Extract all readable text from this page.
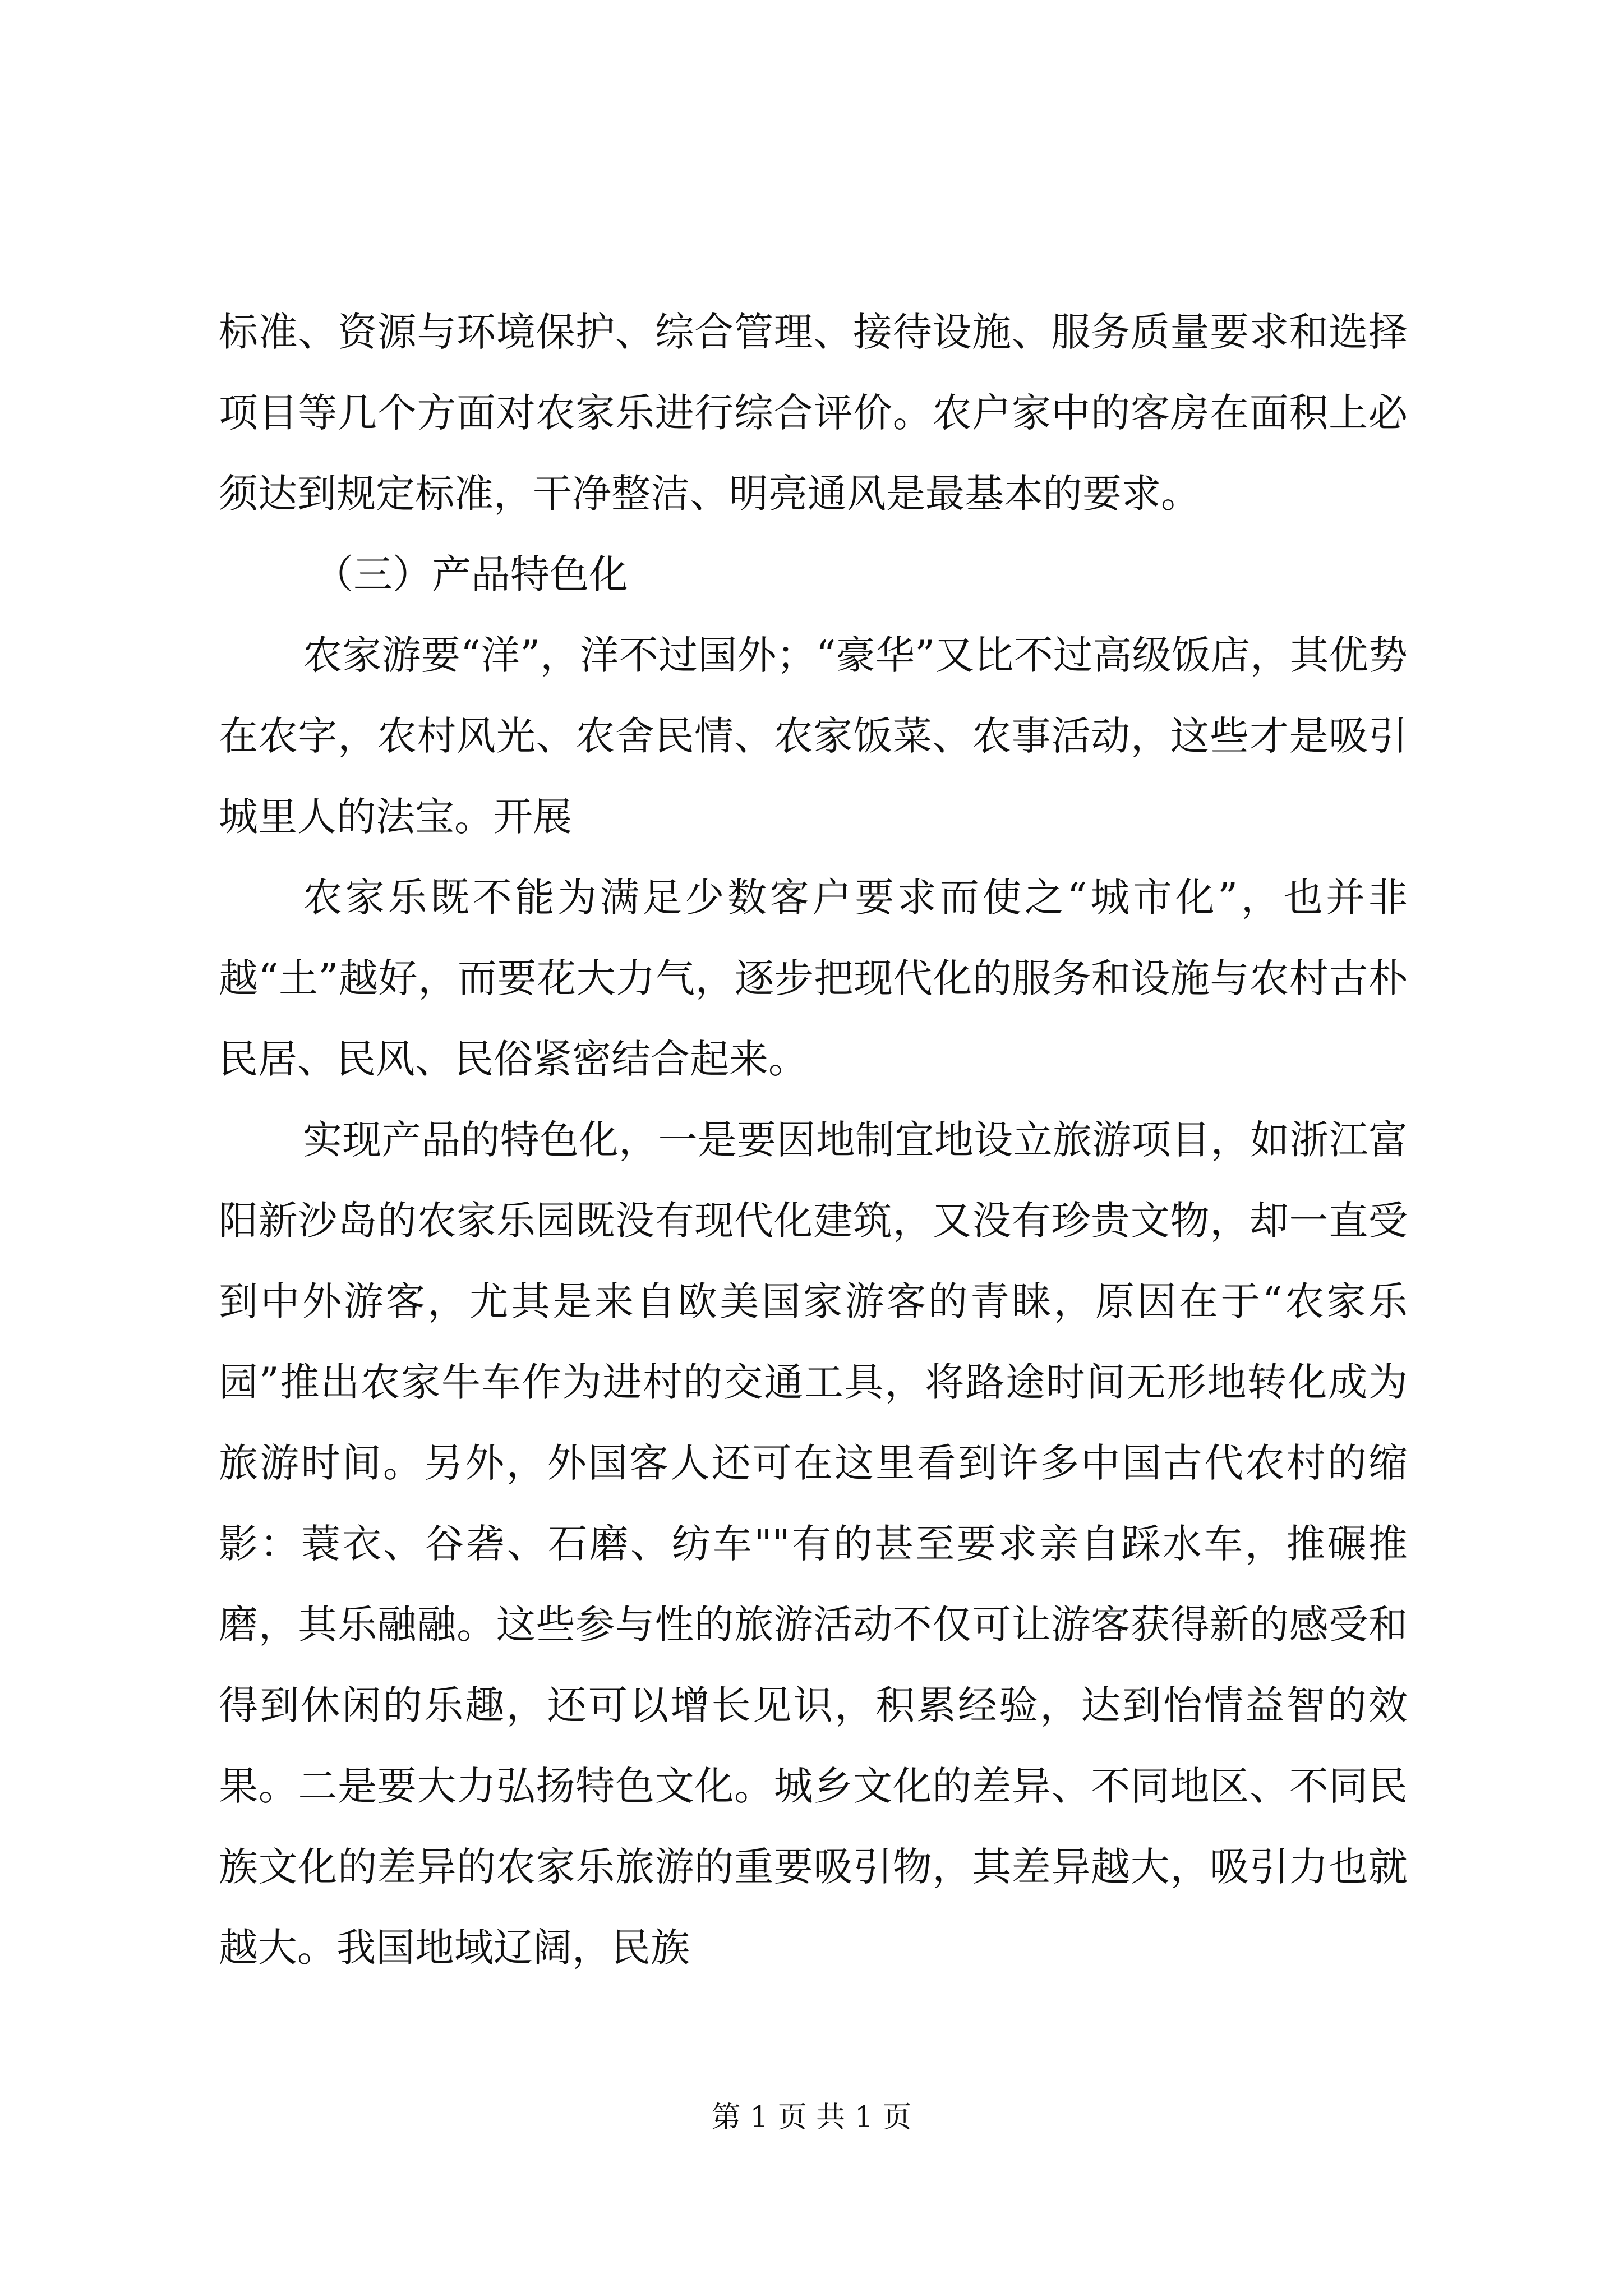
标准、资源与环境保护、综合管理、接待设施、服务质量要求和选择项目等几个方面对农家乐进行综合评价。农户家中的客房在面积上必须达到规定标准，干净整洁、明亮通风是最基本的要求。

（三）产品特色化

农家游要“洋”，洋不过国外；“豪华”又比不过高级饭店，其优势在农字，农村风光、农舍民情、农家饭菜、农事活动，这些才是吸引城里人的法宝。开展

农家乐既不能为满足少数客户要求而使之“城市化”，也并非越“土”越好，而要花大力气，逐步把现代化的服务和设施与农村古朴民居、民风、民俗紧密结合起来。

实现产品的特色化，一是要因地制宜地设立旅游项目，如浙江富阳新沙岛的农家乐园既没有现代化建筑，又没有珍贵文物，却一直受到中外游客，尤其是来自欧美国家游客的青睐，原因在于“农家乐园”推出农家牛车作为进村的交通工具，将路途时间无形地转化成为旅游时间。另外，外国客人还可在这里看到许多中国古代农村的缩影：蓑衣、谷砻、石磨、纺车""有的甚至要求亲自踩水车，推碾推磨，其乐融融。这些参与性的旅游活动不仅可让游客获得新的感受和得到休闲的乐趣，还可以增长见识，积累经验，达到怡情益智的效果。二是要大力弘扬特色文化。城乡文化的差异、不同地区、不同民族文化的差异的农家乐旅游的重要吸引物，其差异越大，吸引力也就越大。我国地域辽阔，民族

第 1 页 共 1 页
